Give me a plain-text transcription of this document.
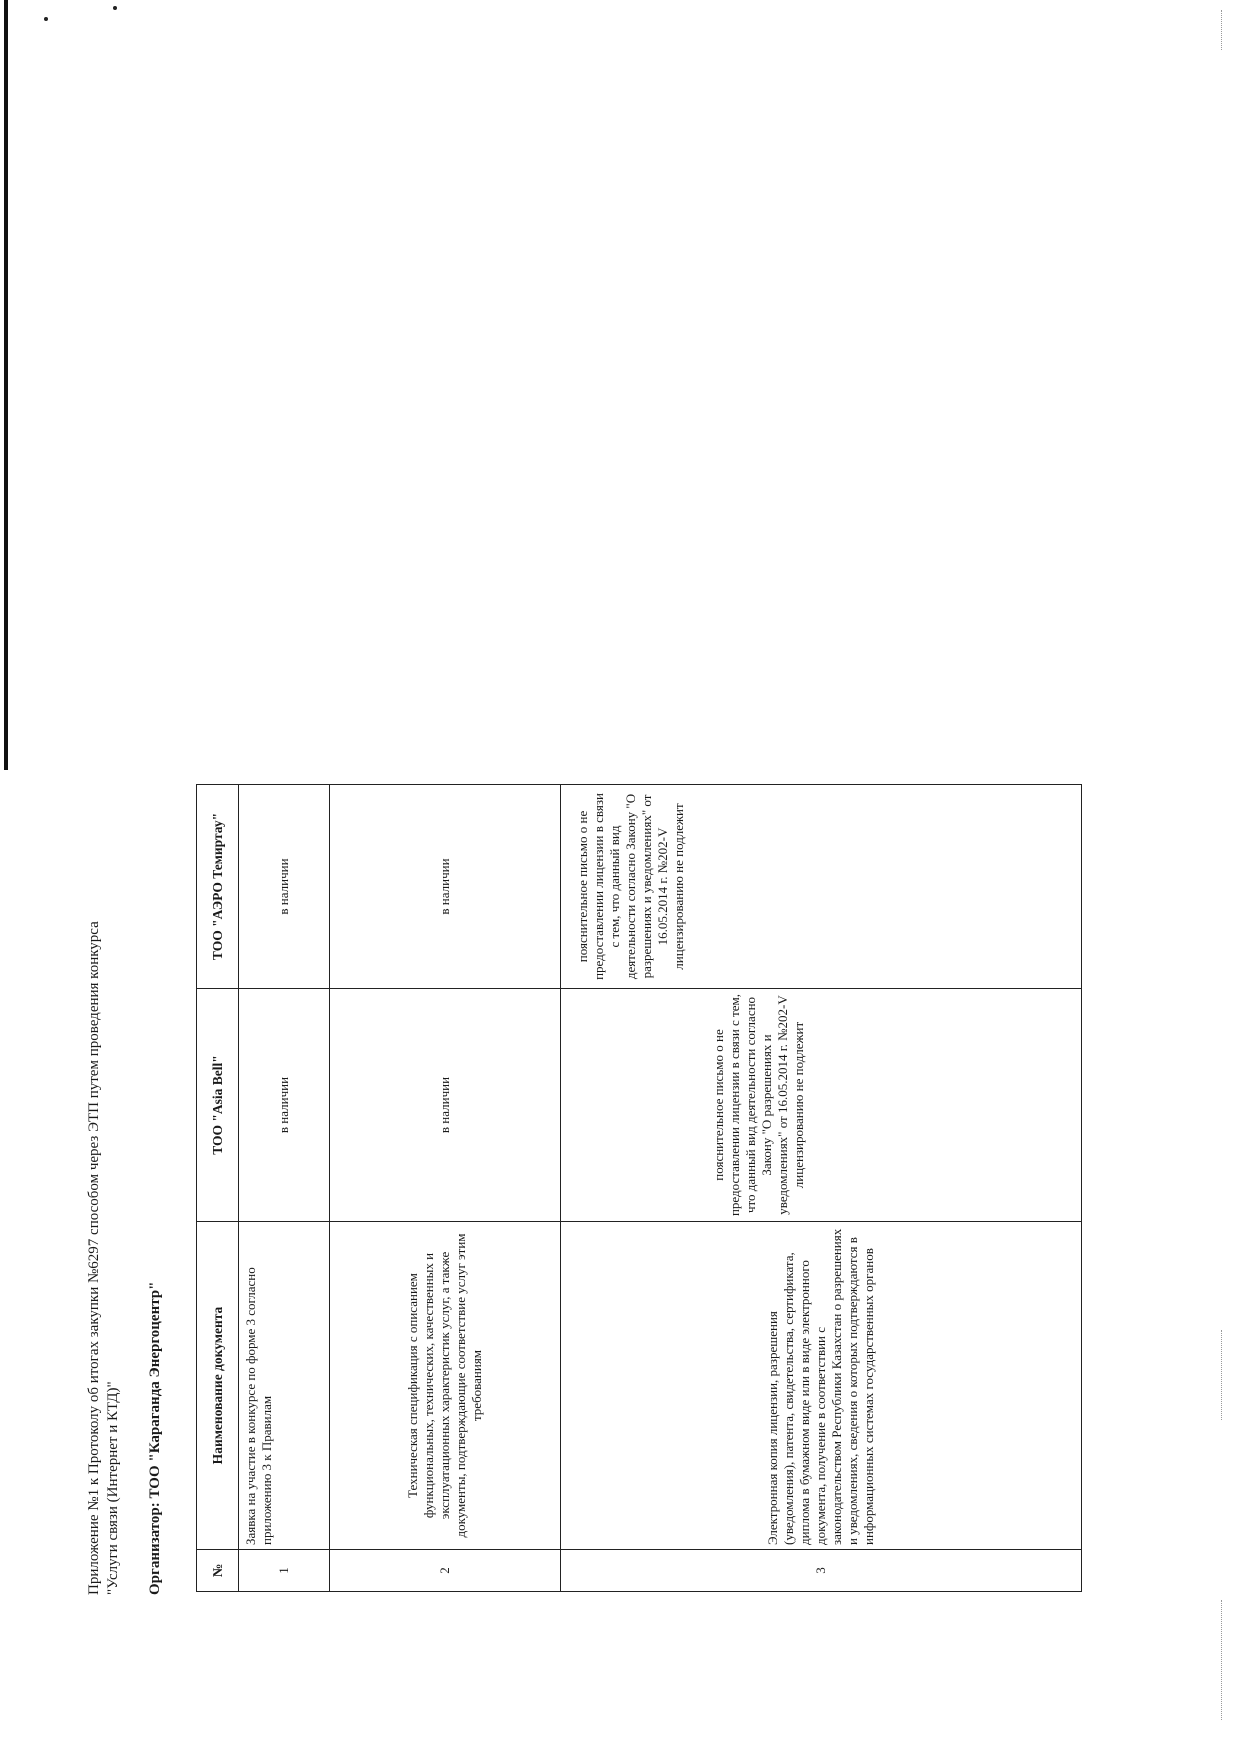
Приложение №1 к Протоколу об итогах закупки №6297 способом через ЭТП путем проведения конкурса "Услуги связи (Интернет и КТД)" Организатор: ТОО "Карагандa Энергоцентр"	№	Наименование документа	ТОО "Asia Bell"	ТОО "АЭРО Темиртау"
1	Заявка на участие в конкурсе по форме 3 согласно приложению 3 к Правилам	в наличии	в наличии
2	Техническая спецификация с описанием функциональных, технических, качественных и эксплуатационных характеристик услуг, а также документы, подтверждающие соответствие услуг этим требованиям	в наличии	в наличии
3	Электронная копия лицензии, разрешения (уведомления), патента, свидетельства, сертификата, диплома в бумажном виде или в виде электронного документа, получение в соответствии с законодательством Республики Казахстан о разрешениях и уведомлениях, сведения о которых подтверждаются в информационных системах государственных органов	пояснительное письмо о не предоставлении лицензии в связи с тем, что данный вид деятельности согласно Закону "О разрешениях и уведомлениях" от 16.05.2014 г. №202-V лицензированию не подлежит	пояснительное письмо о не предоставлении лицензии в связи с тем, что данный вид деятельности согласно Закону "О разрешениях и уведомлениях" от 16.05.2014 г. №202-V лицензированию не подлежит
